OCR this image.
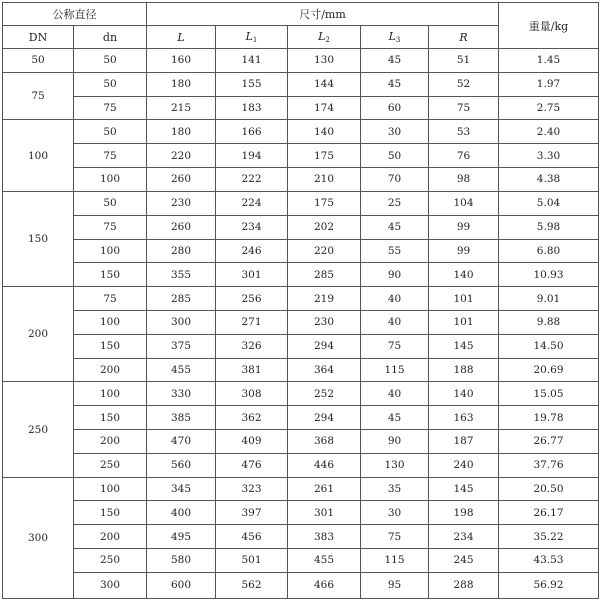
公称直径		尺寸/mm					重量/kg
DN	dn	L	$L_1$	$L_2$	$L_3$	R	
50	50	160	141	130	45	51	1.45
75	50	180	155	144	45	52	1.97
	75	215	183	174	60	75	2.75
100	50	180	166	140	30	53	2.40
	75	220	194	175	50	76	3.30
	100	260	222	210	70	98	4.38
150	50	230	224	175	25	104	5.04
	75	260	234	202	45	99	5.98
	100	280	246	220	55	99	6.80
	150	355	301	285	90	140	10.93
200	75	285	256	219	40	101	9.01
	100	300	271	230	40	101	9.88
	150	375	326	294	75	145	14.50
	200	455	381	364	115	188	20.69
250	100	330	308	252	40	140	15.05
	150	385	362	294	45	163	19.78
	200	470	409	368	90	187	26.77
	250	560	476	446	130	240	37.76
300	100	345	323	261	35	145	20.50
	150	400	397	301	30	198	26.17
	200	495	456	383	75	234	35.22
	250	580	501	455	115	245	43.53
	300	600	562	466	95	288	56.92
